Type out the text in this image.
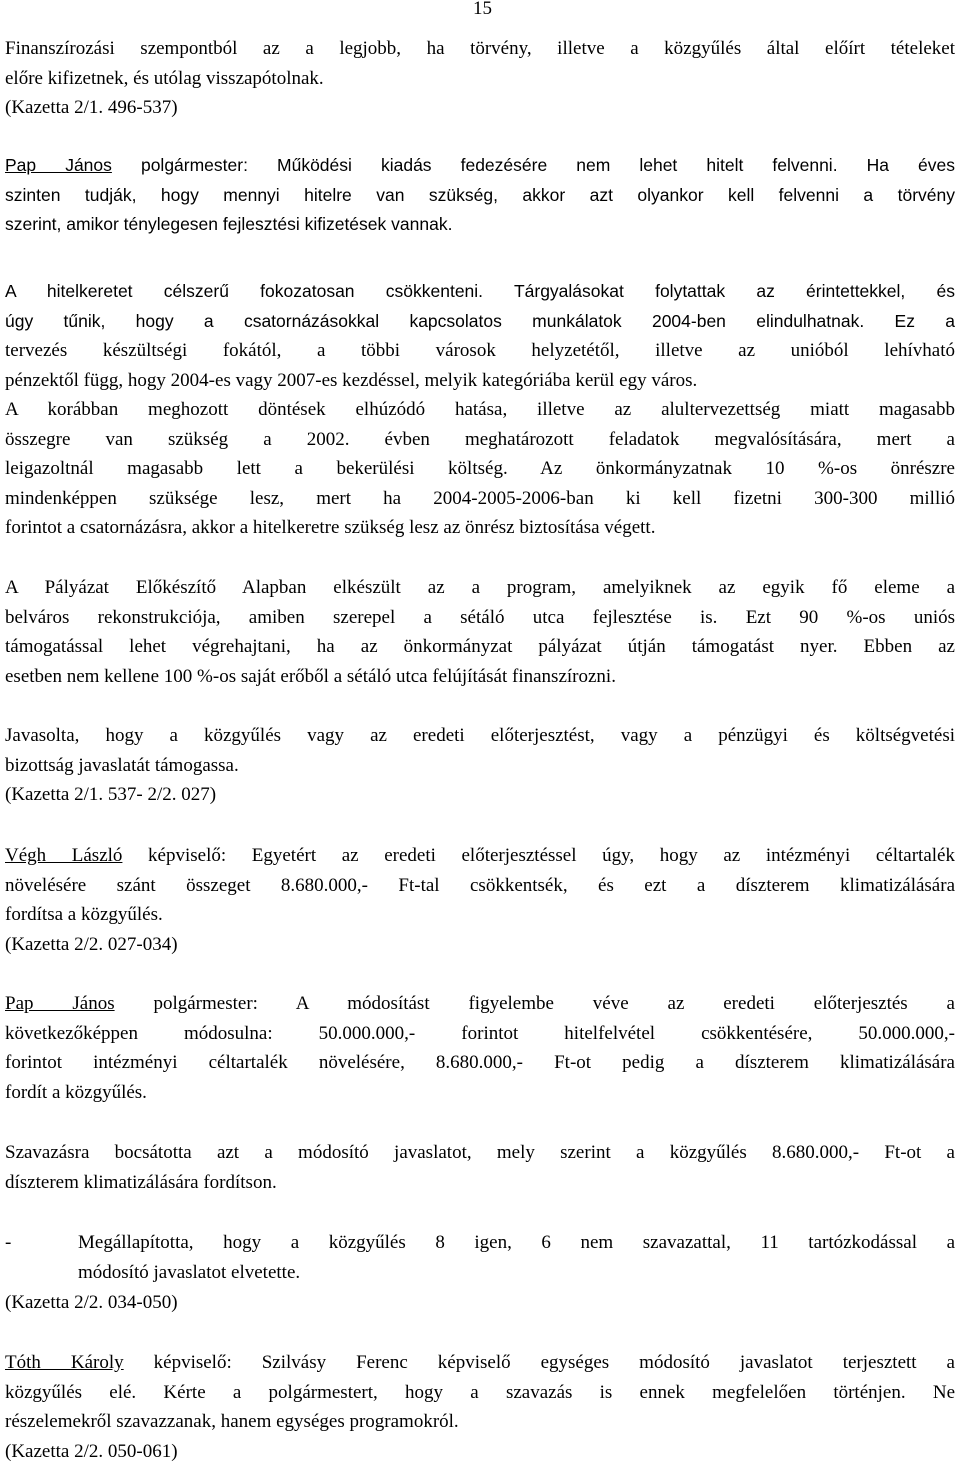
15
Finanszírozási szempontból az a legjobb, ha törvény, illetve a közgyűlés által előírt tételeket
előre kifizetnek, és utólag visszapótolnak.
(Kazetta 2/1. 496-537)
Pap János polgármester: Működési kiadás fedezésére nem lehet hitelt felvenni. Ha éves
szinten tudják, hogy mennyi hitelre van szükség, akkor azt olyankor kell felvenni a törvény
szerint, amikor ténylegesen fejlesztési kifizetések vannak.
A hitelkeretet célszerű fokozatosan csökkenteni. Tárgyalásokat folytattak az érintettekkel, és
úgy tűnik, hogy a csatornázásokkal kapcsolatos munkálatok 2004-ben elindulhatnak. Ez a
tervezés készültségi fokától, a többi városok helyzetétől, illetve az unióból lehívható
pénzektől függ, hogy 2004-es vagy 2007-es kezdéssel, melyik kategóriába kerül egy város.
A korábban meghozott döntések elhúzódó hatása, illetve az alultervezettség miatt magasabb
összegre van szükség a 2002. évben meghatározott feladatok megvalósítására, mert a
leigazoltnál magasabb lett a bekerülési költség. Az önkormányzatnak 10 %-os önrészre
mindenképpen szüksége lesz, mert ha 2004-2005-2006-ban ki kell fizetni 300-300 millió
forintot a csatornázásra, akkor a hitelkeretre szükség lesz az önrész biztosítása végett.
A Pályázat Előkészítő Alapban elkészült az a program, amelyiknek az egyik fő eleme a
belváros rekonstrukciója, amiben szerepel a sétáló utca fejlesztése is. Ezt 90 %-os uniós
támogatással lehet végrehajtani, ha az önkormányzat pályázat útján támogatást nyer. Ebben az
esetben nem kellene 100 %-os saját erőből a sétáló utca felújítását finanszírozni.
Javasolta, hogy a közgyűlés vagy az eredeti előterjesztést, vagy a pénzügyi és költségvetési
bizottság javaslatát támogassa.
(Kazetta 2/1. 537- 2/2. 027)
Végh László képviselő: Egyetért az eredeti előterjesztéssel úgy, hogy az intézményi céltartalék
növelésére szánt összeget 8.680.000,- Ft-tal csökkentsék, és ezt a díszterem klimatizálására
fordítsa a közgyűlés.
(Kazetta 2/2. 027-034)
Pap János polgármester: A módosítást figyelembe véve az eredeti előterjesztés a
következőképpen módosulna: 50.000.000,- forintot hitelfelvétel csökkentésére, 50.000.000,-
forintot intézményi céltartalék növelésére, 8.680.000,- Ft-ot pedig a díszterem klimatizálására
fordít a közgyűlés.
Szavazásra bocsátotta azt a módosító javaslatot, mely szerint a közgyűlés 8.680.000,- Ft-ot a
díszterem klimatizálására fordítson.
-	Megállapította, hogy a közgyűlés 8 igen, 6 nem szavazattal, 11 tartózkodással a
módosító javaslatot elvetette.
(Kazetta 2/2. 034-050)
Tóth Károly képviselő: Szilvásy Ferenc képviselő egységes módosító javaslatot terjesztett a
közgyűlés elé. Kérte a polgármestert, hogy a szavazás is ennek megfelelően történjen. Ne
részelemekről szavazzanak, hanem egységes programokról.
(Kazetta 2/2. 050-061)
